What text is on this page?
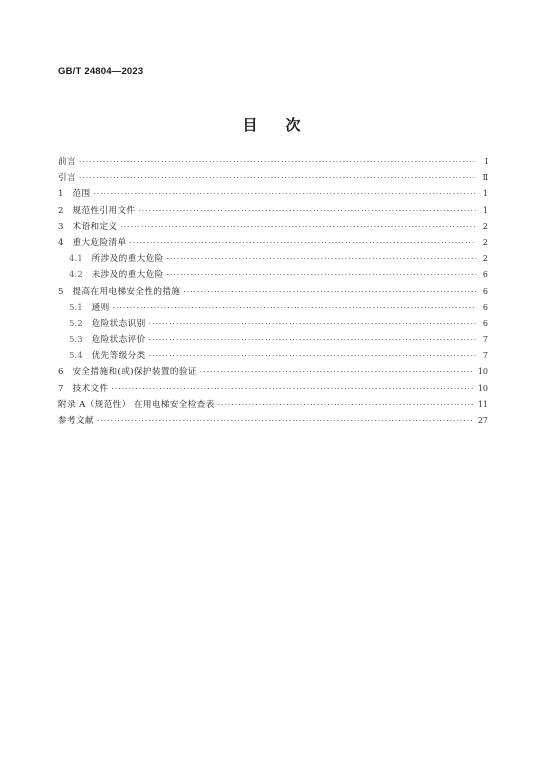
GB/T 24804—2023
目 次
前言 ·····	Ⅰ
引言 ·····	Ⅱ
1 范围 ·····	1
2 规范性引用文件 ·····	1
3 术语和定义 ·····	2
4 重大危险清单 ·····	2
4.1 所涉及的重大危险 ·····	2
4.2 未涉及的重大危险 ·····	6
5 提高在用电梯安全性的措施 ·····	6
5.1 通则 ·····	6
5.2 危险状态识别 ·····	6
5.3 危险状态评价 ·····	7
5.4 优先等级分类 ·····	7
6 安全措施和(或)保护装置的验证 ·····	10
7 技术文件 ·····	10
附录 A（规范性） 在用电梯安全检查表 ·····	11
参考文献 ·····	27
